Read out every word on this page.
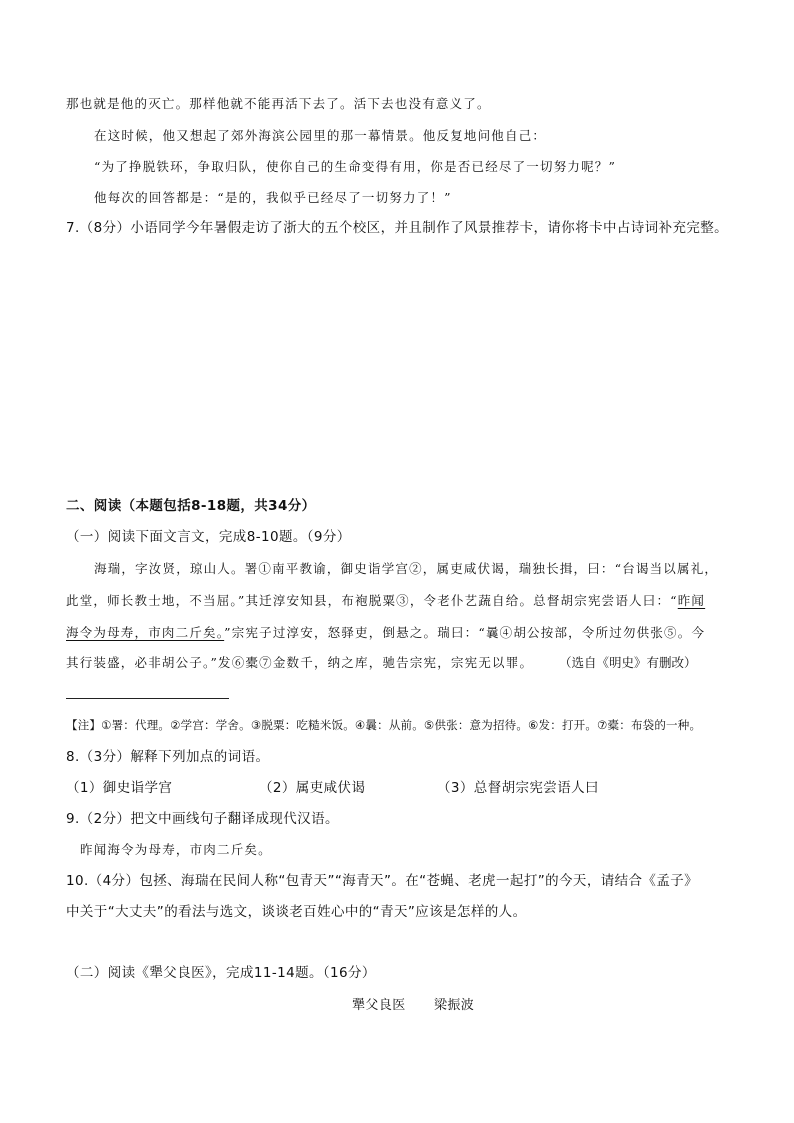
那也就是他的灭亡。那样他就不能再活下去了。活下去也没有意义了。
在这时候，他又想起了郊外海滨公园里的那一幕情景。他反复地问他自己：
“为了挣脱铁环，争取归队，使你自己的生命变得有用，你是否已经尽了一切努力呢？”
他每次的回答都是：“是的，我似乎已经尽了一切努力了！”
7.（8分）小语同学今年暑假走访了浙大的五个校区，并且制作了风景推荐卡，请你将卡中占诗词补充完整。
二、阅读（本题包括8-18题，共34分）
（一）阅读下面文言文，完成8-10题。（9分）
海瑞，字汝贤，琼山人。署①南平教谕，御史诣学宫②，属吏咸伏谒，瑞独长揖，曰：“台谒当以属礼，
此堂，师长教士地，不当屈。”其迁淳安知县，布袍脱粟③，令老仆艺蔬自给。总督胡宗宪尝语人曰：“昨闻
海令为母寿，市肉二斤矣。”宗宪子过淳安，怒驿吏，倒悬之。瑞曰：“曩④胡公按部，令所过勿供张⑤。今
其行装盛，必非胡公子。”发⑥橐⑦金数千，纳之库，驰告宗宪，宗宪无以罪。 （选自《明史》有删改）
【注】①署：代理。②学宫：学舍。③脱粟：吃糙米饭。④曩：从前。⑤供张：意为招待。⑥发：打开。⑦橐：布袋的一种。
8.（3分）解释下列加点的词语。
（1）御史诣学宫	（2）属吏咸伏谒	（3）总督胡宗宪尝语人曰
9.（2分）把文中画线句子翻译成现代汉语。
昨闻海令为母寿，市肉二斤矣。
10.（4分）包拯、海瑞在民间人称“包青天”“海青天”。在“苍蝇、老虎一起打”的今天，请结合《孟子》
中关于“大丈夫”的看法与选文，谈谈老百姓心中的“青天”应该是怎样的人。
（二）阅读《犟父良医》，完成11-14题。（16分）
犟父良医 梁振波
